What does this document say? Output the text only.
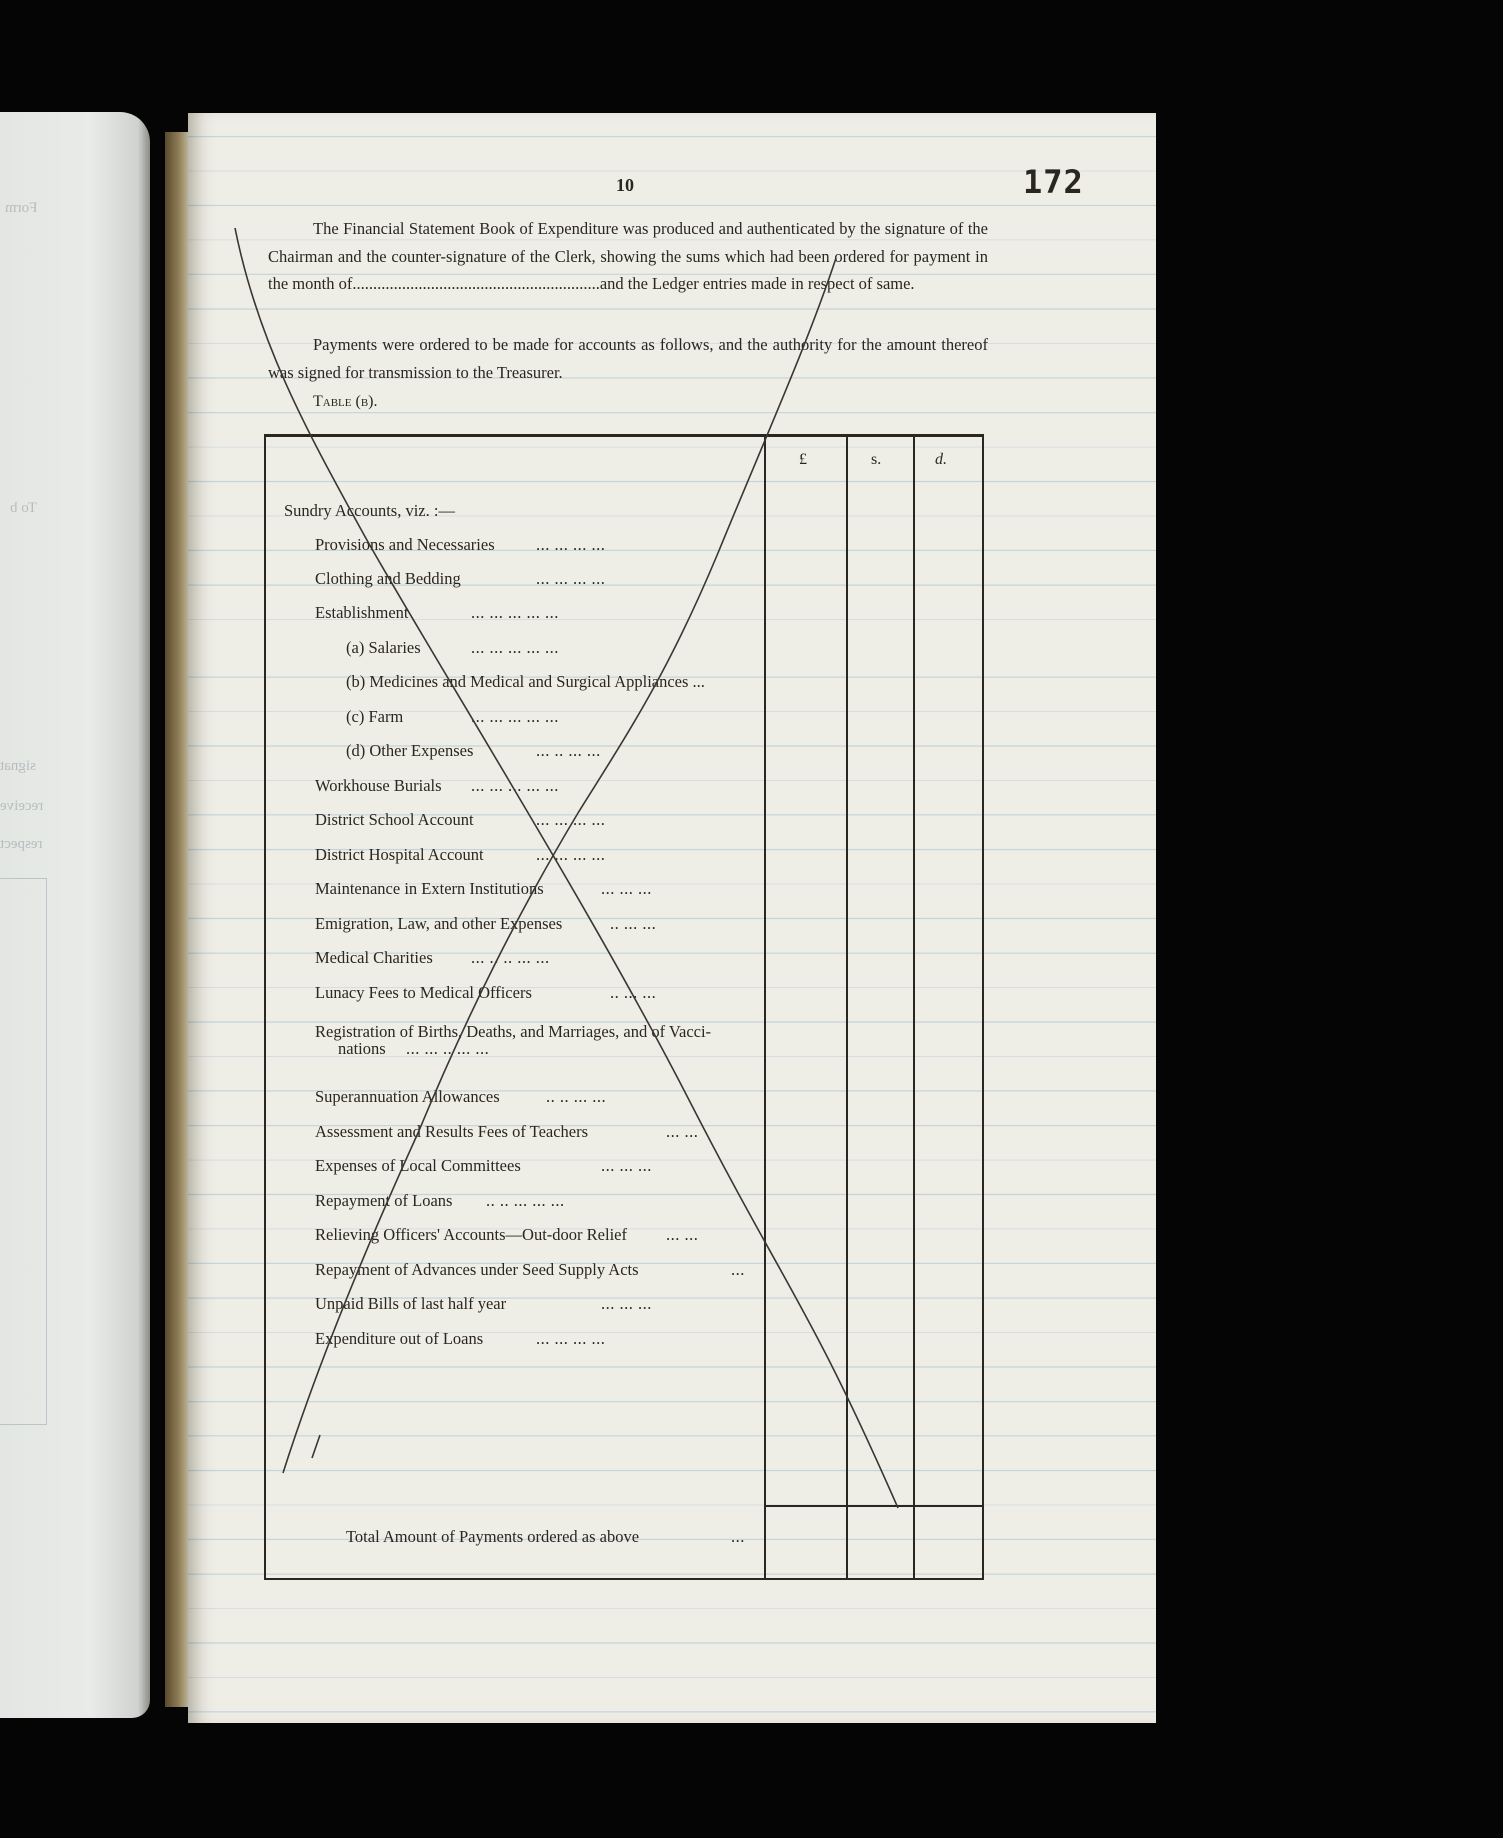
Form
To b
signat
receive
respect
10	172
The Financial Statement Book of Expenditure was produced and authenticated by the signature of the Chairman and the counter-signature of the Clerk, showing the sums which had been ordered for payment in the month of............................................................and the Ledger entries made in respect of same.
Payments were ordered to be made for accounts as follows, and the authority for the amount thereof was signed for transmission to the Treasurer.
Table (b).
£	s.	d.
Sundry Accounts, viz. :—
Provisions and Necessaries	... ... ... ...
Clothing and Bedding	... ... ... ...
Establishment	... ... ... ... ...
(a) Salaries	... ... ... ... ...
(b) Medicines and Medical and Surgical Appliances ...
(c) Farm	... ... ... ... ...
(d) Other Expenses	... .. ... ...
Workhouse Burials ... ... ... ... ...
District School Account	... ... ... ...
District Hospital Account	... ... ... ...
Maintenance in Extern Institutions	... ... ...
Emigration, Law, and other Expenses	.. ... ...
Medical Charities ... .. .. ... ...
Lunacy Fees to Medical Officers	.. ... ...
Registration of Births, Deaths, and Marriages, and of Vacci-
nations ... ... .. ... ...
Superannuation Allowances	.. .. ... ...
Assessment and Results Fees of Teachers	... ...
Expenses of Local Committees	... ... ...
Repayment of Loans .. .. ... ... ...
Relieving Officers' Accounts—Out-door Relief ... ...
Repayment of Advances under Seed Supply Acts	...
Unpaid Bills of last half year	... ... ...
Expenditure out of Loans	... ... ... ...
Total Amount of Payments ordered as above	...
